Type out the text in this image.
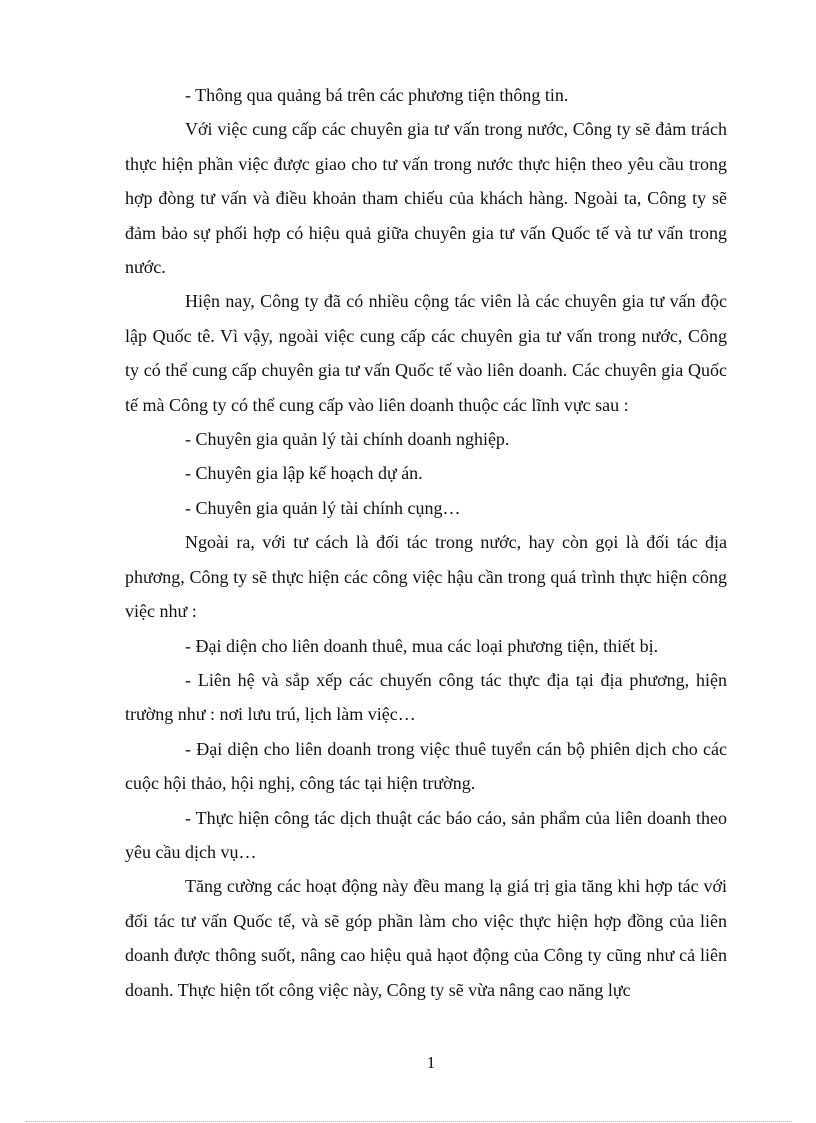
- Thông qua quảng bá trên các phương tiện thông tin.

Với việc cung cấp các chuyên gia tư vấn trong nước, Công ty sẽ đảm trách thực hiện phần việc được giao cho tư vấn trong nước thực hiện theo yêu cầu trong hợp đòng tư vấn và điều khoản tham chiếu của khách hàng. Ngoài ta, Công ty sẽ đảm bảo sự phối hợp có hiệu quả giữa chuyên gia tư vấn Quốc tế và tư vấn trong nước.

Hiện nay, Công ty đã có nhiều cộng tác viên là các chuyên gia tư vấn độc lập Quốc tê. Vì vậy, ngoài việc cung cấp các chuyên gia tư vấn trong nước, Công ty có thể cung cấp chuyên gia tư vấn Quốc tế vào liên doanh. Các chuyên gia Quốc tế mà Công ty có thể cung cấp vào liên doanh thuộc các lĩnh vực sau :

- Chuyên gia quản lý tài chính doanh nghiệp.

- Chuyên gia lập kế hoạch dự án.

- Chuyên gia quản lý tài chính cụng…

Ngoài ra, với tư cách là đối tác trong nước, hay còn gọi là đối tác địa phương, Công ty sẽ thực hiện các công việc hậu cần trong quá trình thực hiện công việc như :

- Đại diện cho liên doanh thuê, mua các loại phương tiện, thiết bị.

- Liên hệ và sắp xếp các chuyến công tác thực địa tại địa phương, hiện trường như : nơi lưu trú, lịch làm việc…

- Đại diện cho liên doanh trong việc thuê tuyển cán bộ phiên dịch cho các cuộc hội thảo, hội nghị, công tác tại hiện trường.

- Thực hiện công tác dịch thuật các báo cáo, sản phẩm của liên doanh theo yêu cầu dịch vụ…

Tăng cường các hoạt động này đều mang lạ giá trị gia tăng khi hợp tác với đối tác tư vấn Quốc tế, và sẽ góp phần làm cho việc thực hiện hợp đồng của liên doanh được thông suốt, nâng cao hiệu quả hạot động của Công ty cũng như cả liên doanh. Thực hiện tốt công việc này, Công ty sẽ vừa nâng cao năng lực

1
